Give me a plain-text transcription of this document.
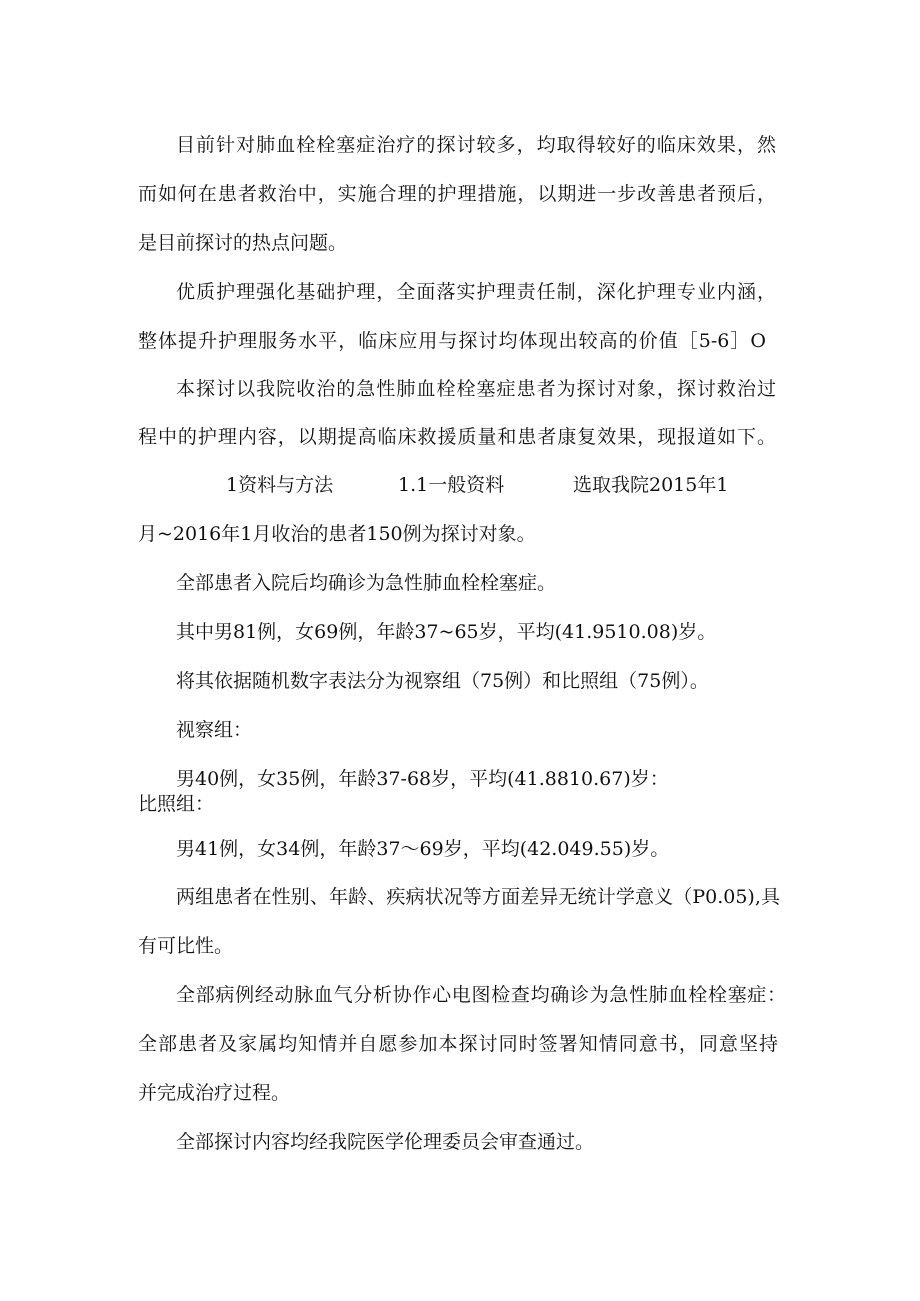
目前针对肺血栓栓塞症治疗的探讨较多，均取得较好的临床效果，然
而如何在患者救治中，实施合理的护理措施，以期进一步改善患者预后，
是目前探讨的热点问题。
优质护理强化基础护理，全面落实护理责任制，深化护理专业内涵，
整体提升护理服务水平，临床应用与探讨均体现出较高的价值［5-6］O
本探讨以我院收治的急性肺血栓栓塞症患者为探讨对象，探讨救治过
程中的护理内容，以期提高临床救援质量和患者康复效果，现报道如下。
1资料与方法	1.1一般资料	选取我院2015年1
月~2016年1月收治的患者150例为探讨对象。
全部患者入院后均确诊为急性肺血栓栓塞症。
其中男81例，女69例，年龄37~65岁，平均(41.9510.08)岁。
将其依据随机数字表法分为视察组（75例）和比照组（75例）。
视察组：
男40例，女35例，年龄37-68岁，平均(41.8810.67)岁：
比照组：
男41例，女34例，年龄37～69岁，平均(42.049.55)岁。
两组患者在性别、年龄、疾病状况等方面差异无统计学意义（P0.05),具
有可比性。
全部病例经动脉血气分析协作心电图检查均确诊为急性肺血栓栓塞症：
全部患者及家属均知情并自愿参加本探讨同时签署知情同意书，同意坚持
并完成治疗过程。
全部探讨内容均经我院医学伦理委员会审查通过。
